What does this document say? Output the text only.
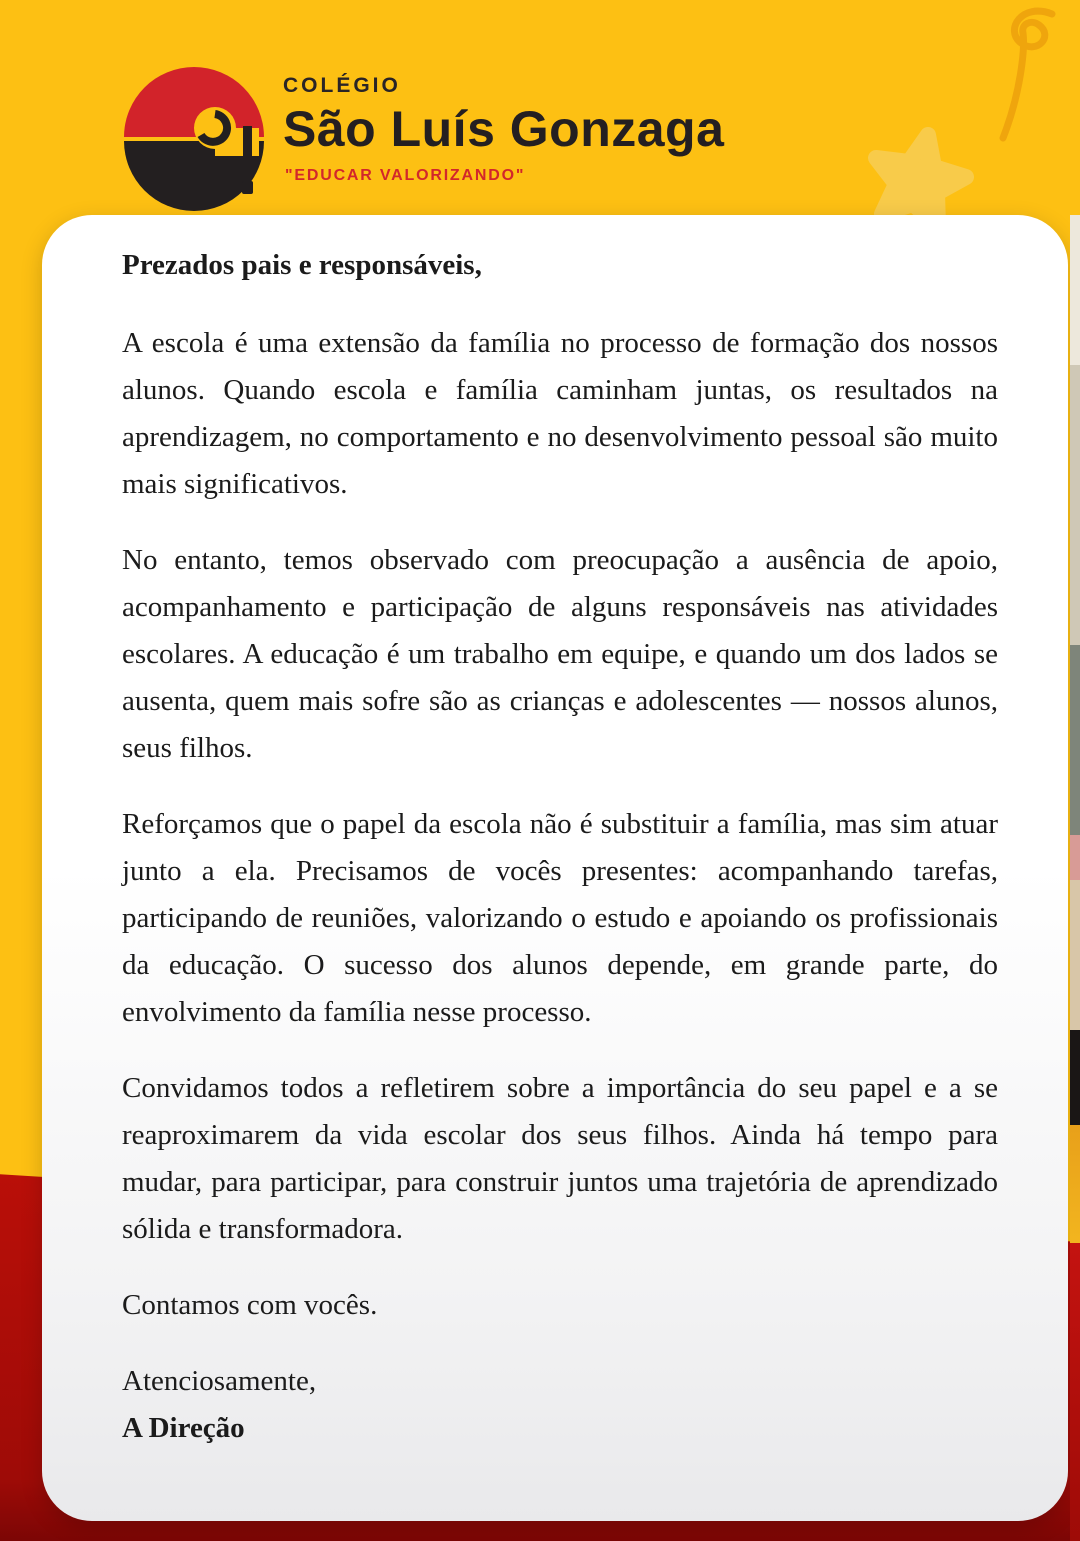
Prezados pais e responsáveis,

A escola é uma extensão da família no processo de formação dos nossos alunos. Quando escola e família caminham juntas, os resultados na aprendizagem, no comportamento e no desenvolvimento pessoal são muito mais significativos.

No entanto, temos observado com preocupação a ausência de apoio, acompanhamento e participação de alguns responsáveis nas atividades escolares. A educação é um trabalho em equipe, e quando um dos lados se ausenta, quem mais sofre são as crianças e adolescentes — nossos alunos, seus filhos.

Reforçamos que o papel da escola não é substituir a família, mas sim atuar junto a ela. Precisamos de vocês presentes: acompanhando tarefas, participando de reuniões, valorizando o estudo e apoiando os profissionais da educação. O sucesso dos alunos depende, em grande parte, do envolvimento da família nesse processo.

Convidamos todos a refletirem sobre a importância do seu papel e a se reaproximarem da vida escolar dos seus filhos. Ainda há tempo para mudar, para participar, para construir juntos uma trajetória de aprendizado sólida e transformadora.

Contamos com vocês.

Atenciosamente,

A Direção

COLÉGIO

São Luís Gonzaga

"EDUCAR VALORIZANDO"
